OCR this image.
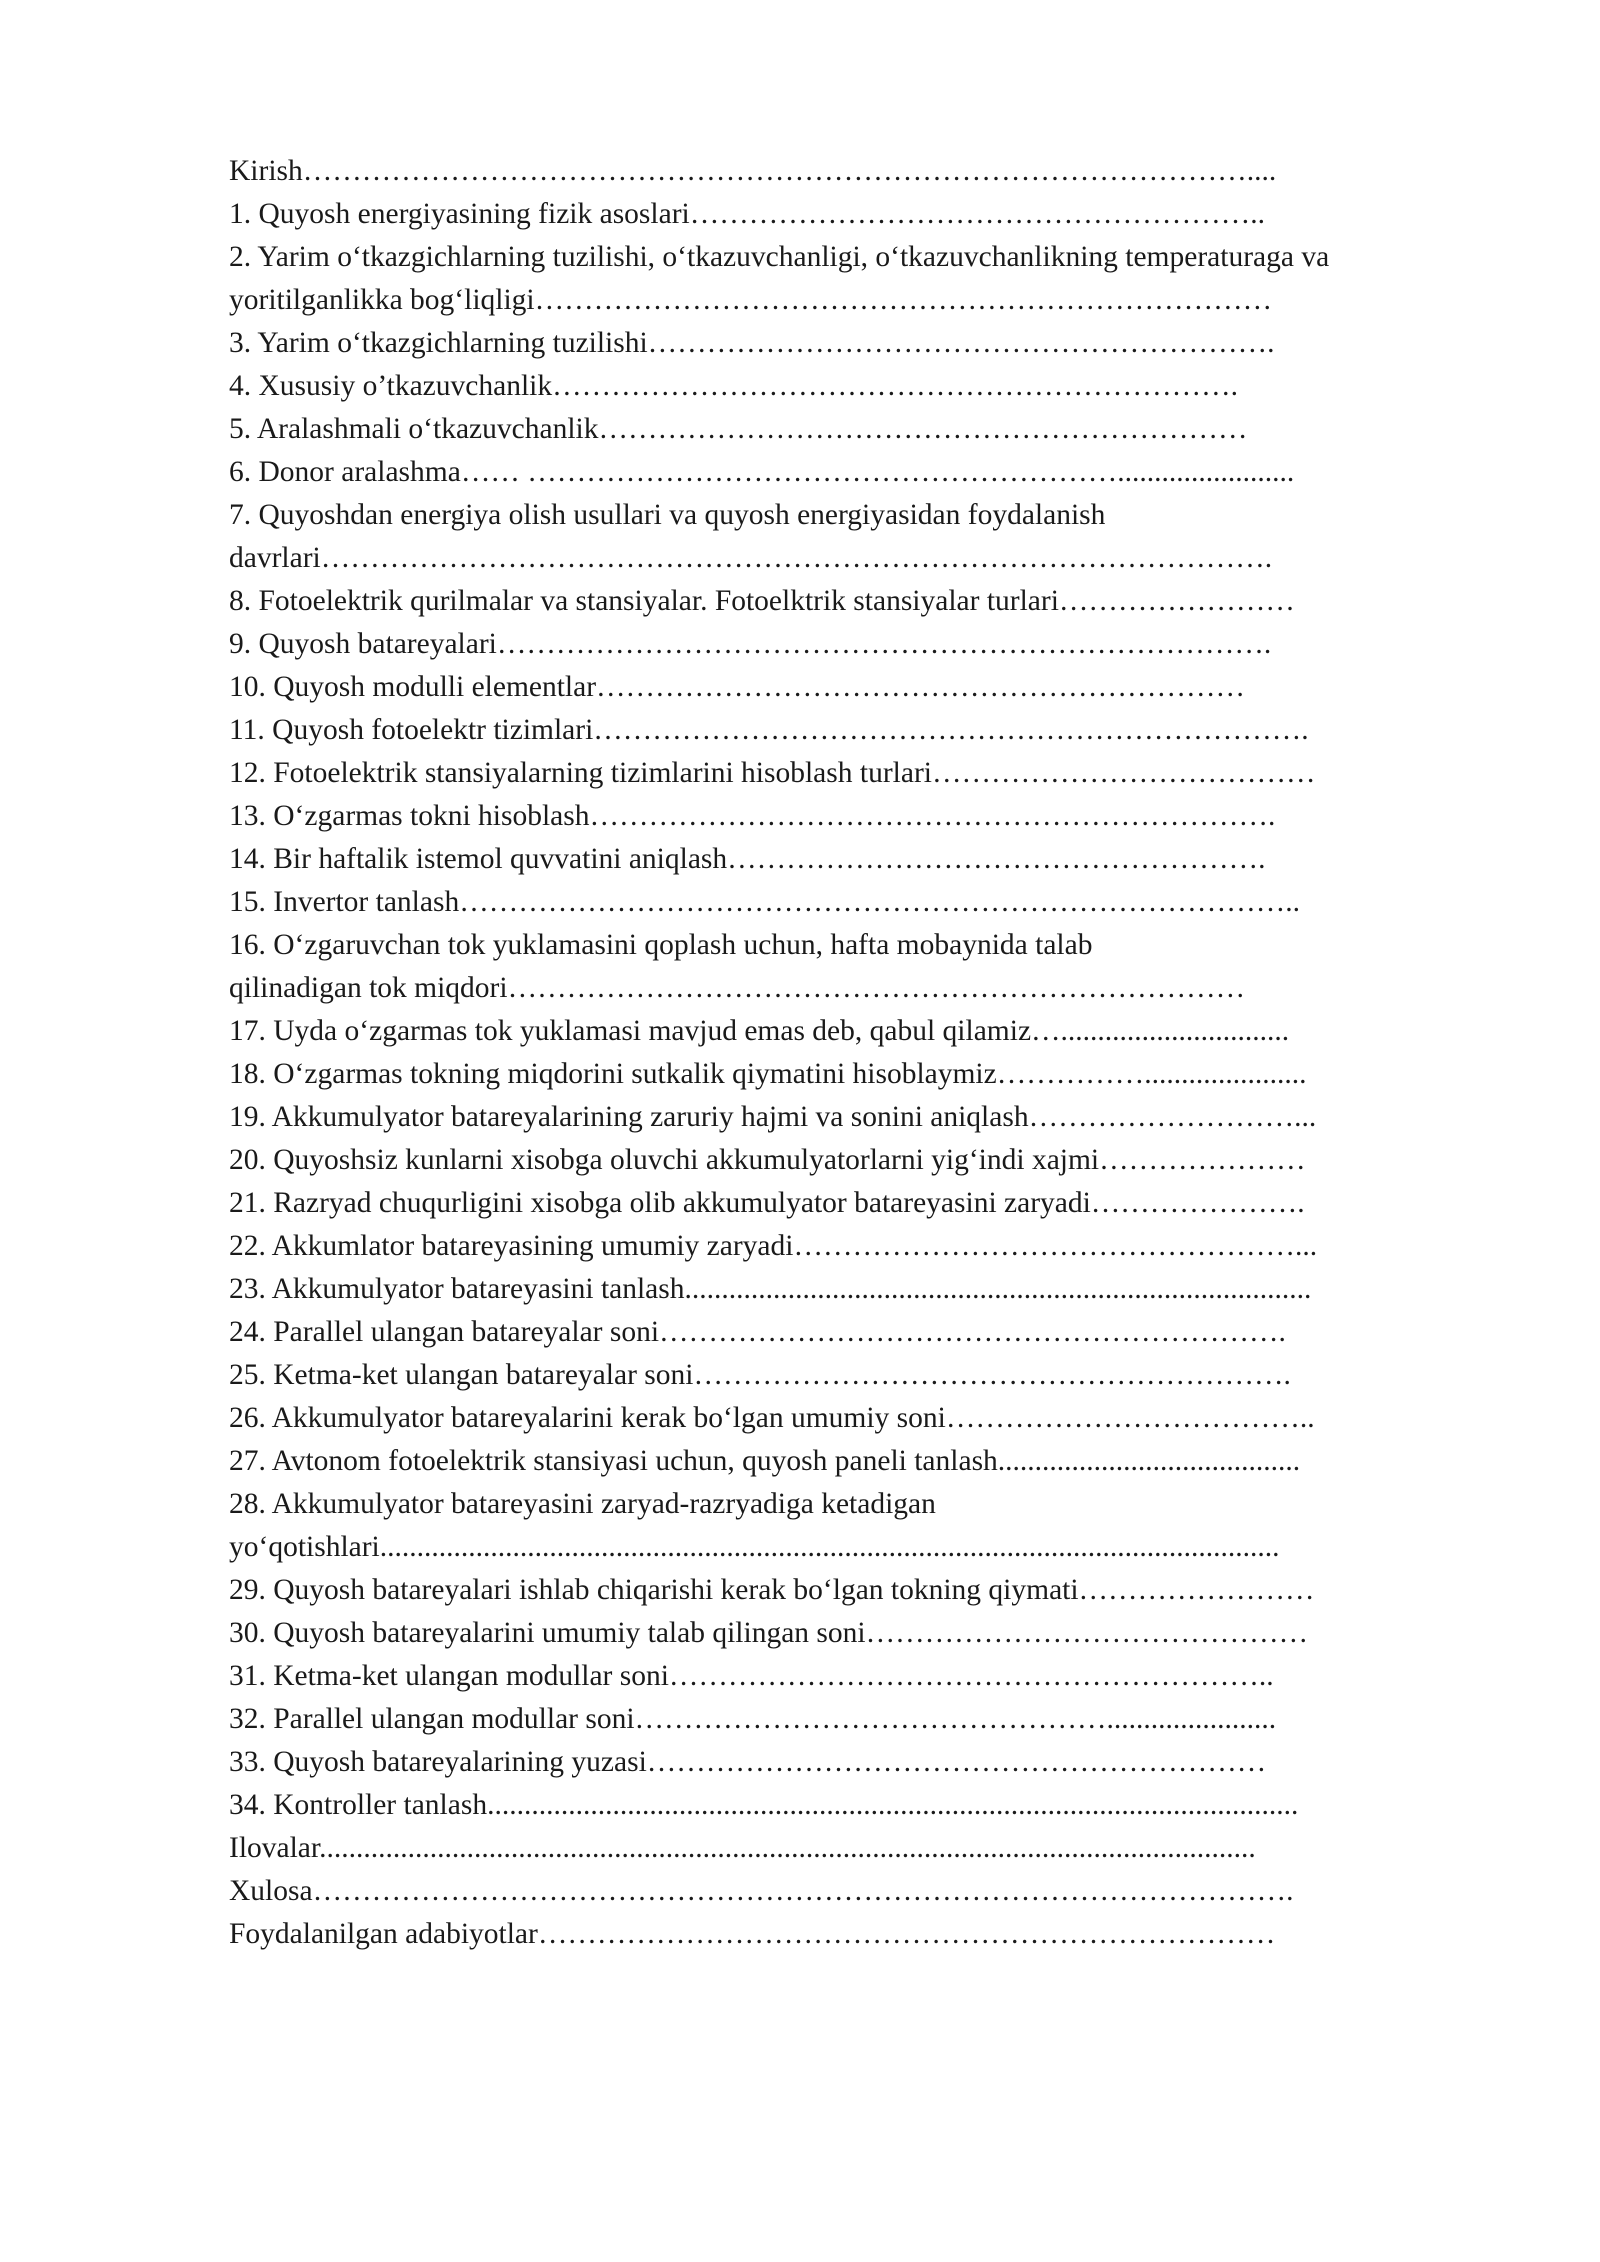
Kirish……………………………………………………………………………………....
1. Quyosh energiyasining fizik asoslari…………………………………………………..
2. Yarim o‘tkazgichlarning tuzilishi, o‘tkazuvchanligi, o‘tkazuvchanlikning temperaturaga va
yoritilganlikka bog‘liqligi…………………………………………………………………
3. Yarim o‘tkazgichlarning tuzilishi……………………………………………………….
4. Xususiy o’tkazuvchanlik…………………………………………………………….
5. Aralashmali o‘tkazuvchanlik…………………………………………………………
6. Donor aralashma…… ……………………………………………………........................
7. Quyoshdan energiya olish usullari va quyosh energiyasidan foydalanish
davrlari…………………………………………………………………………………….
8. Fotoelektrik qurilmalar va stansiyalar. Fotoelktrik stansiyalar turlari……………………
9. Quyosh batareyalari…………………………………………………………………….
10. Quyosh modulli elementlar…………………………………………………………
11. Quyosh fotoelektr tizimlari……………………………………………………………….
12. Fotoelektrik stansiyalarning tizimlarini hisoblash turlari…………………………………
13. O‘zgarmas tokni hisoblash…………………………………………………………….
14. Bir haftalik istemol quvvatini aniqlash……………………………………………….
15. Invertor tanlash…………………………………………………………………………..
16. O‘zgaruvchan tok yuklamasini qoplash uchun, hafta mobaynida talab
qilinadigan tok miqdori…………………………………………………………………
17. Uyda o‘zgarmas tok yuklamasi mavjud emas deb, qabul qilamiz…...............................
18. O‘zgarmas tokning miqdorini sutkalik qiymatini hisoblaymiz……………......................
19. Akkumulyator batareyalarining zaruriy hajmi va sonini aniqlash………………………...
20. Quyoshsiz kunlarni xisobga oluvchi akkumulyatorlarni yig‘indi xajmi…………………
21. Razryad chuqurligini xisobga olib akkumulyator batareyasini zaryadi………………….
22. Akkumlator batareyasining umumiy zaryadi……………………………………………...
23. Akkumulyator batareyasini tanlash.....................................................................................
24. Parallel ulangan batareyalar soni……………………………………………………….
25. Ketma-ket ulangan batareyalar soni…………………………………………………….
26. Akkumulyator batareyalarini kerak bo‘lgan umumiy soni………………………………..
27. Avtonom fotoelektrik stansiyasi uchun, quyosh paneli tanlash.........................................
28. Akkumulyator batareyasini zaryad-razryadiga ketadigan
yo‘qotishlari..........................................................................................................................
29. Quyosh batareyalari ishlab chiqarishi kerak bo‘lgan tokning qiymati……………………
30. Quyosh batareyalarini umumiy talab qilingan soni………………………………………
31. Ketma-ket ulangan modullar soni……………………………………………………..
32. Parallel ulangan modullar soni………………………………………….......................
33. Quyosh batareyalarining yuzasi………………………………………………………
34. Kontroller tanlash..............................................................................................................
Ilovalar...............................................................................................................................
Xulosa……………………………………………………………………………………….
Foydalanilgan adabiyotlar…………………………………………………………………
